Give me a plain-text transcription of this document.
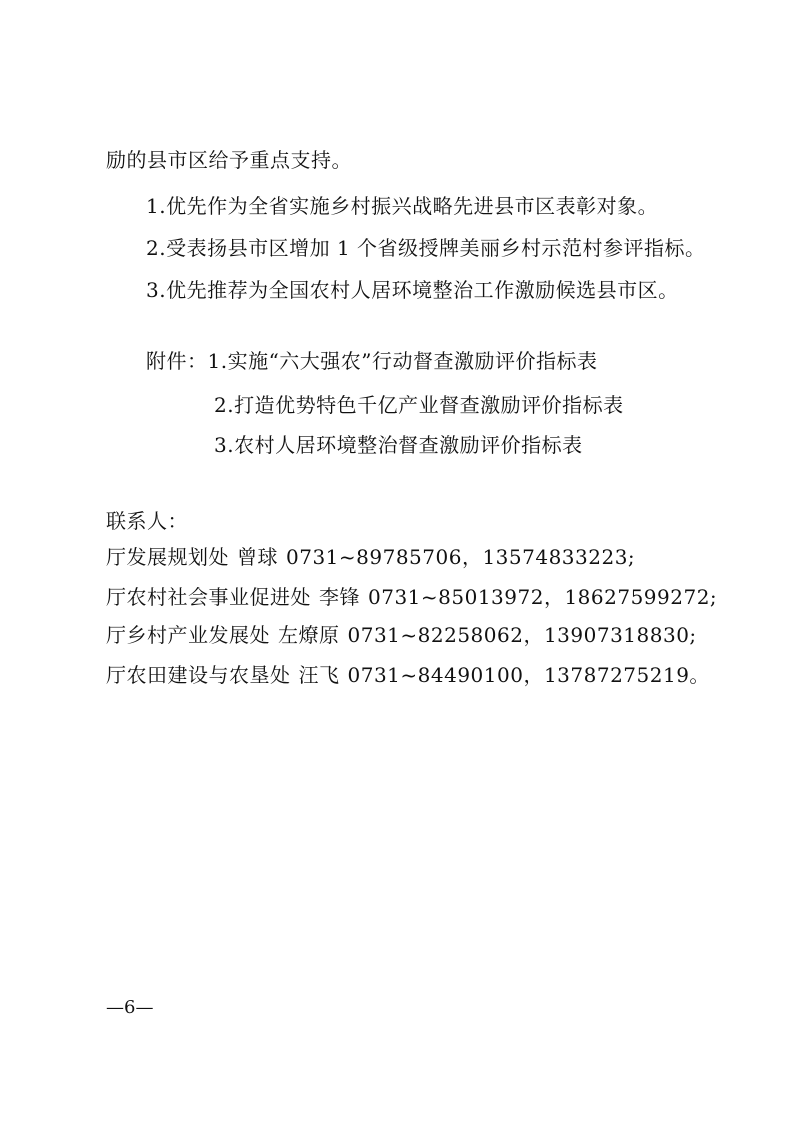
励的县市区给予重点支持。
1.优先作为全省实施乡村振兴战略先进县市区表彰对象。
2.受表扬县市区增加 1 个省级授牌美丽乡村示范村参评指标。
3.优先推荐为全国农村人居环境整治工作激励候选县市区。
附件：1.实施“六大强农”行动督查激励评价指标表
2.打造优势特色千亿产业督查激励评价指标表
3.农村人居环境整治督查激励评价指标表
联系人：
厅发展规划处 曾球 0731~89785706，13574833223;
厅农村社会事业促进处 李锋 0731~85013972，18627599272;
厅乡村产业发展处 左燎原 0731~82258062，13907318830;
厅农田建设与农垦处 汪飞 0731~84490100，13787275219。
—6—
